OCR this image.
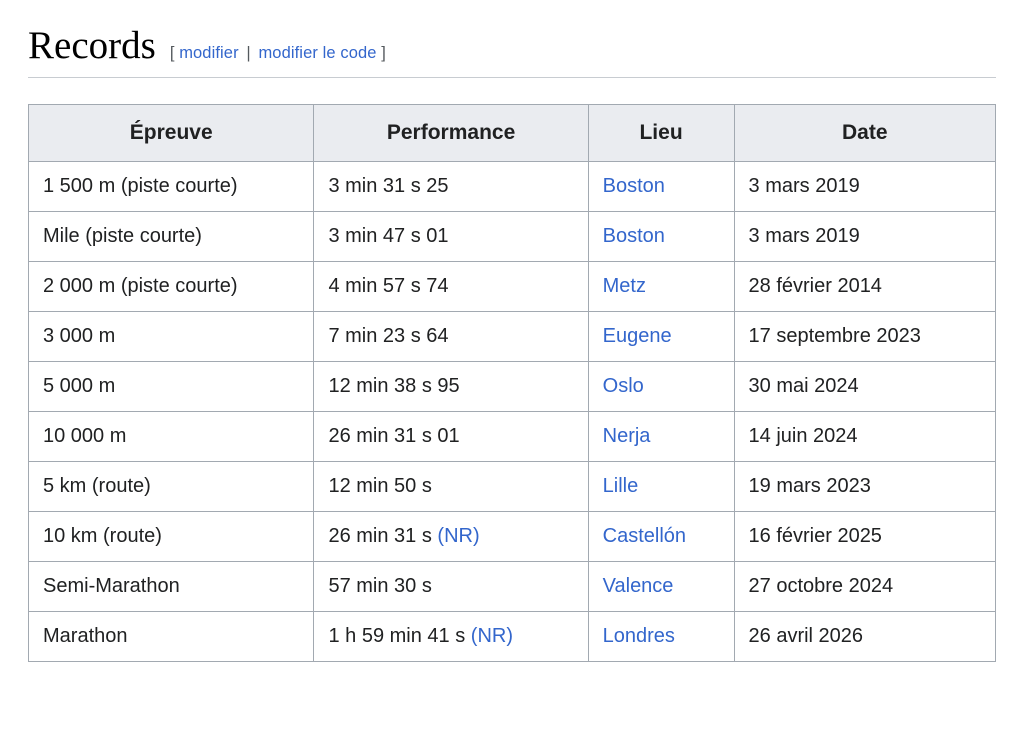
Records [ modifier | modifier le code ]
Épreuve	Performance	Lieu	Date
1 500 m (piste courte)	3 min 31 s 25	Boston	3 mars 2019
Mile (piste courte)	3 min 47 s 01	Boston	3 mars 2019
2 000 m (piste courte)	4 min 57 s 74	Metz	28 février 2014
3 000 m	7 min 23 s 64	Eugene	17 septembre 2023
5 000 m	12 min 38 s 95	Oslo	30 mai 2024
10 000 m	26 min 31 s 01	Nerja	14 juin 2024
5 km (route)	12 min 50 s	Lille	19 mars 2023
10 km (route)	26 min 31 s (NR)	Castellón	16 février 2025
Semi-Marathon	57 min 30 s	Valence	27 octobre 2024
Marathon	1 h 59 min 41 s (NR)	Londres	26 avril 2026
